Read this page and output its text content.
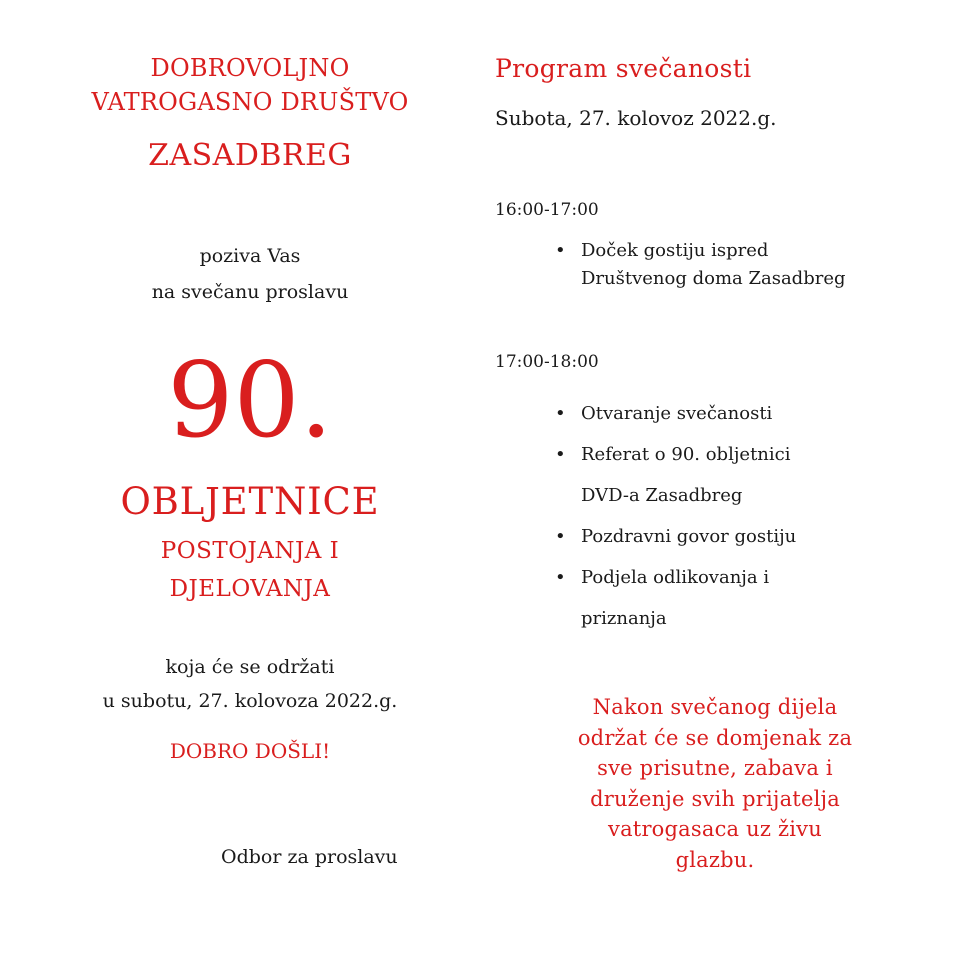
DOBROVOLJNO
VATROGASNO DRUŠTVO
ZASADBREG
poziva Vas
na svečanu proslavu
90.
OBLJETNICE
POSTOJANJA I
DJELOVANJA
koja će se održati
u subotu, 27. kolovoza 2022.g.
DOBRO DOŠLI!
Odbor za proslavu
Program svečanosti
Subota, 27. kolovoz 2022.g.
16:00-17:00
• Doček gostiju ispred
Društvenog doma Zasadbreg
17:00-18:00
• Otvaranje svečanosti
• Referat o 90. obljetnici
DVD-a Zasadbreg
• Pozdravni govor gostiju
• Podjela odlikovanja i
priznanja
Nakon svečanog dijela
održat će se domjenak za
sve prisutne, zabava i
druženje svih prijatelja
vatrogasaca uz živu
glazbu.
